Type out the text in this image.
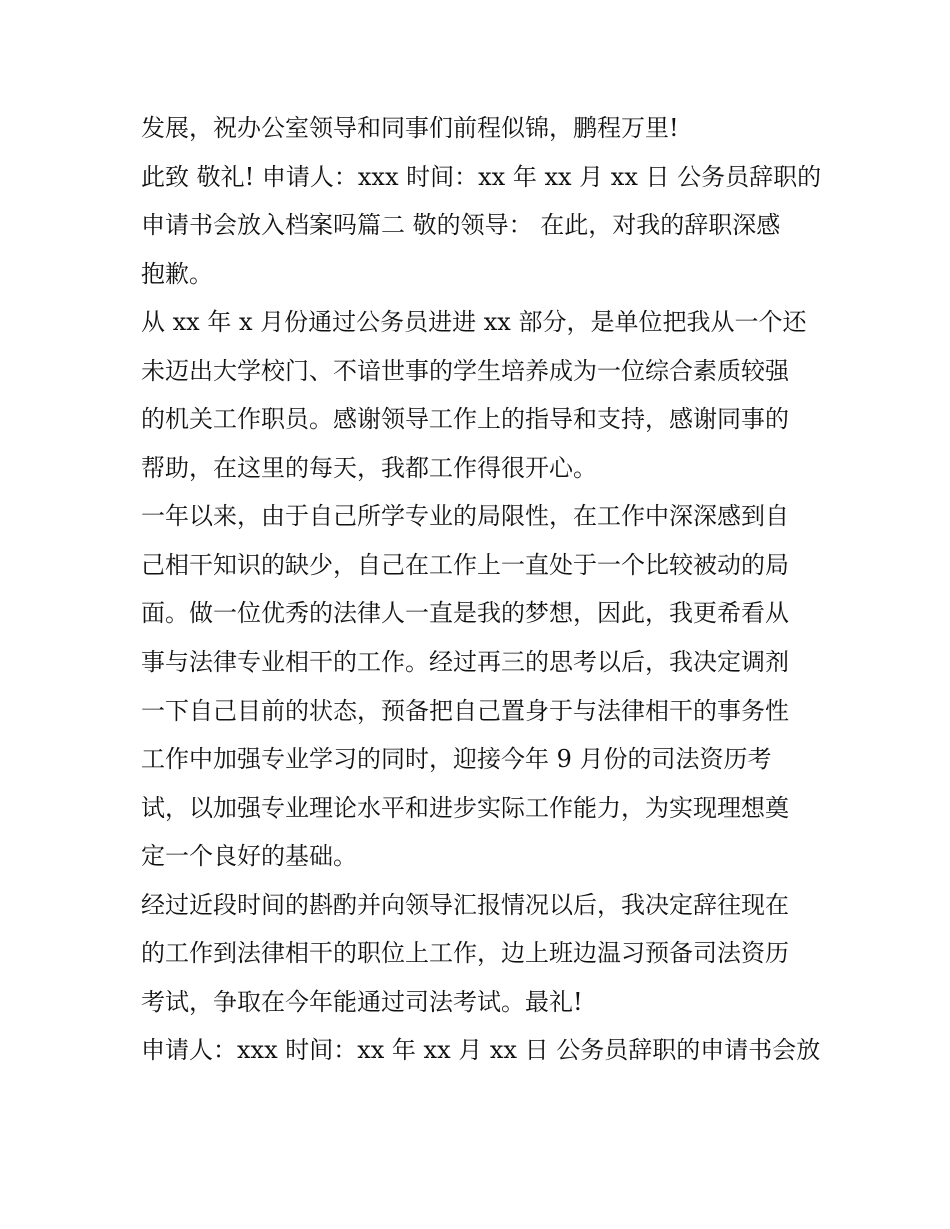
发展，祝办公室领导和同事们前程似锦，鹏程万里!
此致 敬礼! 申请人：xxx 时间：xx 年 xx 月 xx 日 公务员辞职的
申请书会放入档案吗篇二 敬的领导： 在此，对我的辞职深感
抱歉。
从 xx 年 x 月份通过公务员进进 xx 部分，是单位把我从一个还
未迈出大学校门、不谙世事的学生培养成为一位综合素质较强
的机关工作职员。感谢领导工作上的指导和支持，感谢同事的
帮助，在这里的每天，我都工作得很开心。
一年以来，由于自己所学专业的局限性，在工作中深深感到自
己相干知识的缺少，自己在工作上一直处于一个比较被动的局
面。做一位优秀的法律人一直是我的梦想，因此，我更希看从
事与法律专业相干的工作。经过再三的思考以后，我决定调剂
一下自己目前的状态，预备把自己置身于与法律相干的事务性
工作中加强专业学习的同时，迎接今年 9 月份的司法资历考
试，以加强专业理论水平和进步实际工作能力，为实现理想奠
定一个良好的基础。
经过近段时间的斟酌并向领导汇报情况以后，我决定辞往现在
的工作到法律相干的职位上工作，边上班边温习预备司法资历
考试，争取在今年能通过司法考试。最礼!
申请人：xxx 时间：xx 年 xx 月 xx 日 公务员辞职的申请书会放
